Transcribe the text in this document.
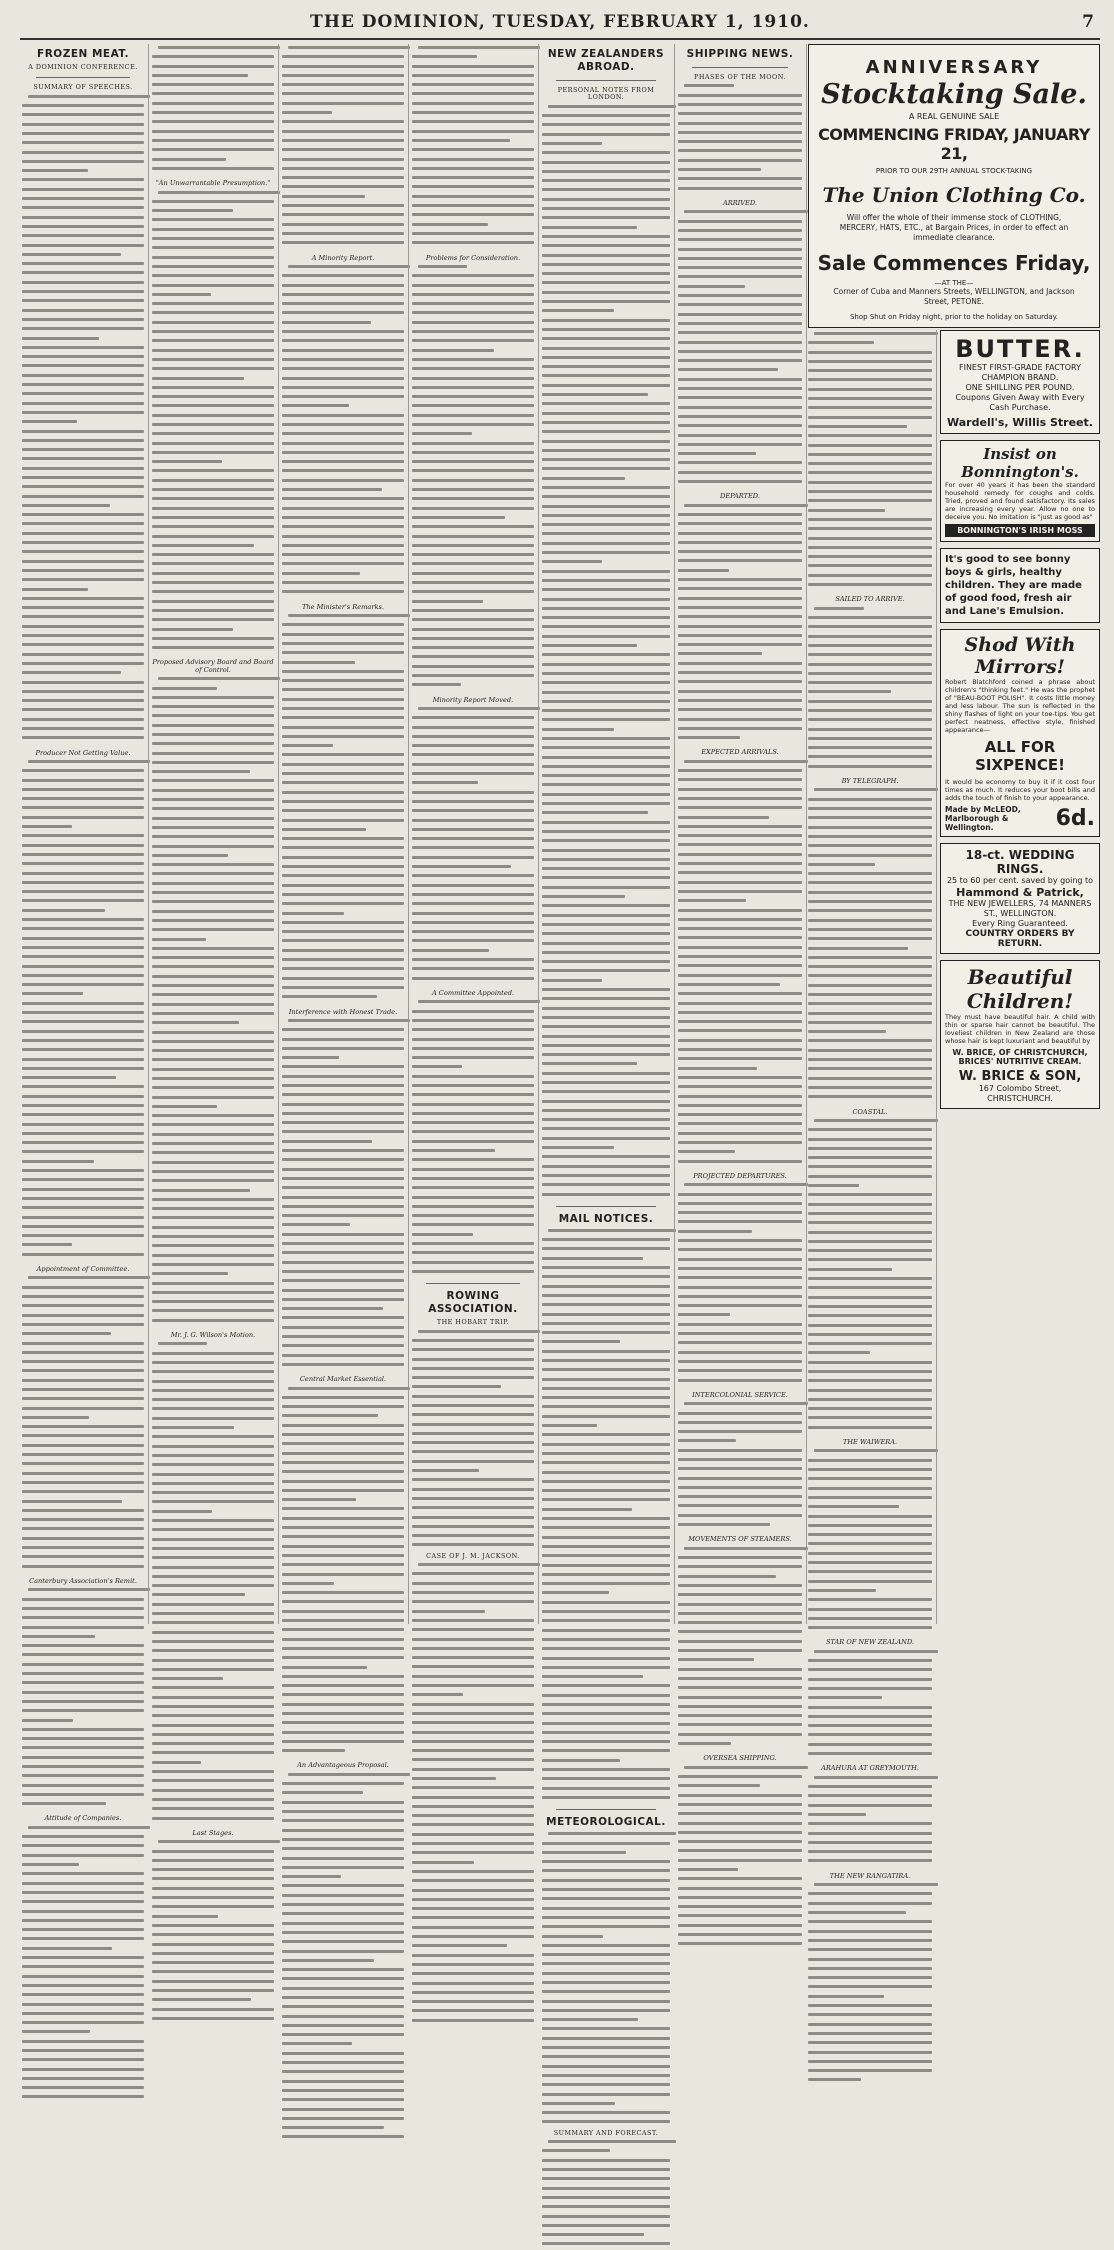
THE DOMINION, TUESDAY, FEBRUARY 1, 1910.	7
FROZEN MEAT.
A DOMINION CONFERENCE.
SUMMARY OF SPEECHES.
Producer Not Getting Value.
Appointment of Committee.
Canterbury Association's Remit.
Attitude of Companies.
"An Unwarrantable Presumption."
Proposed Advisory Board and Board of Control.
Mr. J. G. Wilson's Motion.
Last Stages.
A Minority Report.
The Minister's Remarks.
Interference with Honest Trade.
Central Market Essential.
An Advantageous Proposal.
Problems for Consideration.
Minority Report Moved.
A Committee Appointed.
ROWING ASSOCIATION.
THE HOBART TRIP.
CASE OF J. M. JACKSON.
NEW ZEALANDERS ABROAD.
PERSONAL NOTES FROM LONDON.
MAIL NOTICES.
METEOROLOGICAL.
SUMMARY AND FORECAST.
SHIPPING NEWS.
PHASES OF THE MOON.
ARRIVED.
DEPARTED.
EXPECTED ARRIVALS.
PROJECTED DEPARTURES.
INTERCOLONIAL SERVICE.
MOVEMENTS OF STEAMERS.
OVERSEA SHIPPING.
ANNIVERSARY
Stocktaking Sale.
A REAL GENUINE SALE
COMMENCING FRIDAY, JANUARY 21,
PRIOR TO OUR 29TH ANNUAL STOCK-TAKING
The Union Clothing Co.
Will offer the whole of their immense stock of CLOTHING, MERCERY, HATS, ETC., at Bargain Prices, in order to effect an immediate clearance.
Sale Commences Friday,
—AT THE—
Corner of Cuba and Manners Streets, WELLINGTON, and Jackson Street, PETONE.
Shop Shut on Friday night, prior to the holiday on Saturday.
SAILED TO ARRIVE.
BY TELEGRAPH.
COASTAL.
THE WAIWERA.
STAR OF NEW ZEALAND.
ARAHURA AT GREYMOUTH.
THE NEW RANGATIRA.
BUTTER.
FINEST FIRST-GRADE FACTORY
CHAMPION BRAND.
ONE SHILLING PER POUND.
Coupons Given Away with Every Cash Purchase.
Wardell's, Willis Street.
Insist on Bonnington's.
For over 40 years it has been the standard household remedy for coughs and colds. Tried, proved and found satisfactory. Its sales are increasing every year. Allow no one to deceive you. No imitation is "just as good as"
BONNINGTON'S IRISH MOSS
It's good to see bonny boys & girls, healthy children. They are made of good food, fresh air and Lane's Emulsion.
Shod With Mirrors!
Robert Blatchford coined a phrase about children's "thinking feet." He was the prophet of "BEAU-BOOT POLISH". It costs little money and less labour. The sun is reflected in the shiny flashes of light on your toe-tips. You get perfect neatness, effective style, finished appearance—
ALL FOR SIXPENCE!
It would be economy to buy it if it cost four times as much. It reduces your boot bills and adds the touch of finish to your appearance.
Made by McLEOD, Marlborough & Wellington.	6d.
18-ct. WEDDING RINGS.
25 to 60 per cent. saved by going to
Hammond & Patrick,
THE NEW JEWELLERS, 74 MANNERS ST., WELLINGTON.
Every Ring Guaranteed.
COUNTRY ORDERS BY RETURN.
Beautiful Children!
They must have beautiful hair. A child with thin or sparse hair cannot be beautiful. The loveliest children in New Zealand are those whose hair is kept luxuriant and beautiful by
W. BRICE, OF CHRISTCHURCH,
BRICES' NUTRITIVE CREAM.
W. BRICE & SON,
167 Colombo Street, CHRISTCHURCH.
